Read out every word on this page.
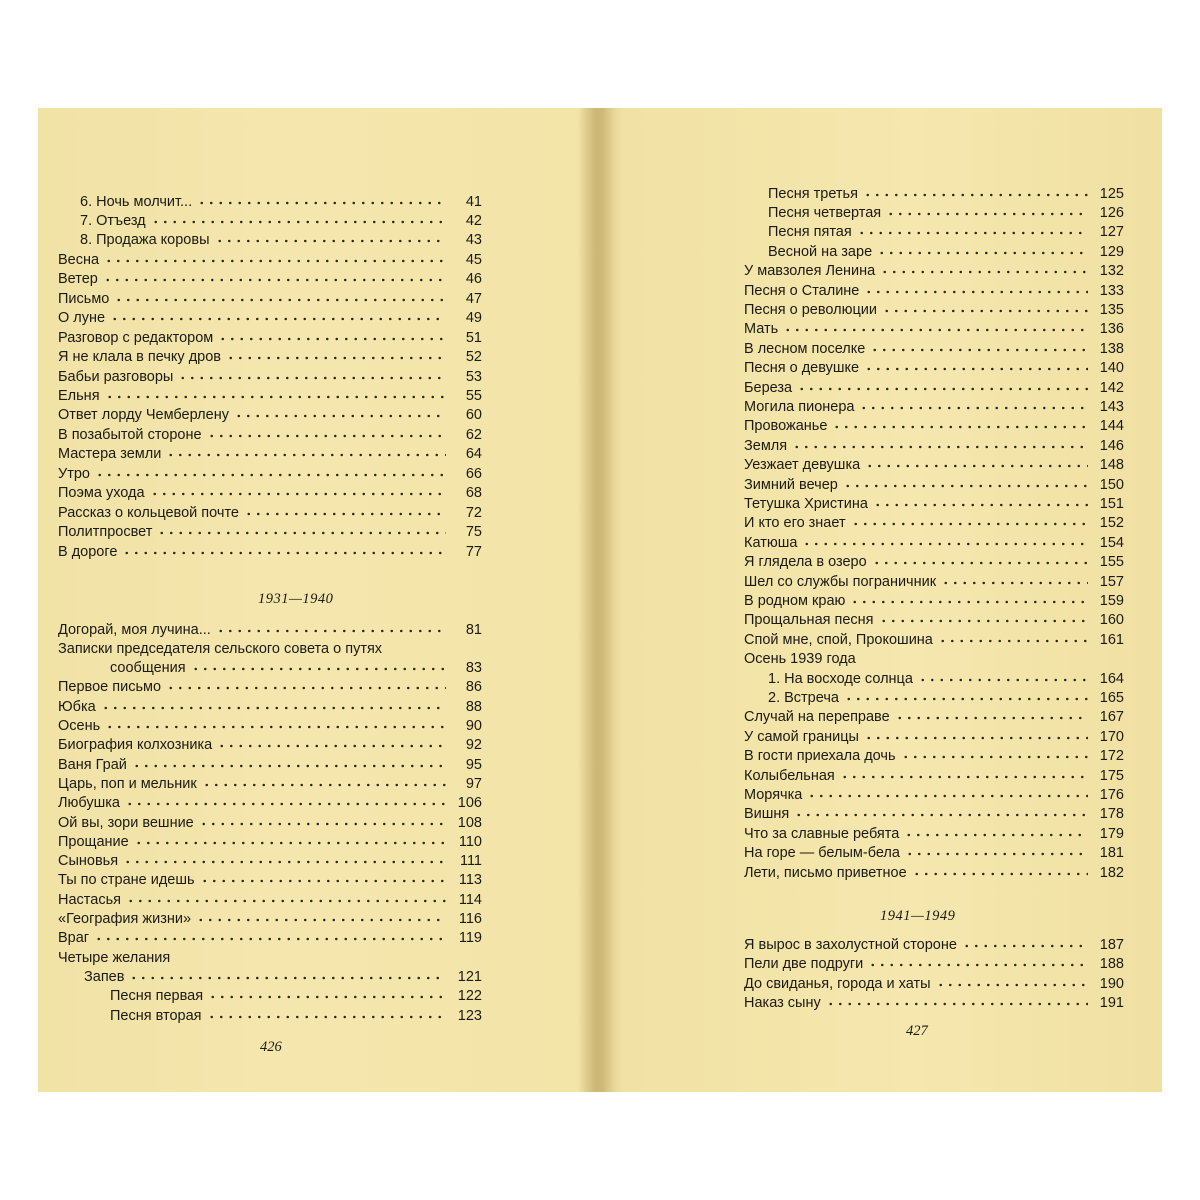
6. Ночь молчит...	41
7. Отъезд	42
8. Продажа коровы	43
Весна	45
Ветер	46
Письмо	47
О луне	49
Разговор с редактором	51
Я не клала в печку дров	52
Бабьи разговоры	53
Ельня	55
Ответ лорду Чемберлену	60
В позабытой стороне	62
Мастера земли	64
Утро	66
Поэма ухода	68
Рассказ о кольцевой почте	72
Политпросвет	75
В дороге	77
1931—1940
Догорай, моя лучина...	81
Записки председателя сельского совета о путях
сообщения	83
Первое письмо	86
Юбка	88
Осень	90
Биография колхозника	92
Ваня Грай	95
Царь, поп и мельник	97
Любушка	106
Ой вы, зори вешние	108
Прощание	110
Сыновья	111
Ты по стране идешь	113
Настасья	114
«География жизни»	116
Враг	119
Четыре желания
Запев	121
Песня первая	122
Песня вторая	123
426
Песня третья	125
Песня четвертая	126
Песня пятая	127
Весной на заре	129
У мавзолея Ленина	132
Песня о Сталине	133
Песня о революции	135
Мать	136
В лесном поселке	138
Песня о девушке	140
Береза	142
Могила пионера	143
Провожанье	144
Земля	146
Уезжает девушка	148
Зимний вечер	150
Тетушка Христина	151
И кто его знает	152
Катюша	154
Я глядела в озеро	155
Шел со службы пограничник	157
В родном краю	159
Прощальная песня	160
Спой мне, спой, Прокошина	161
Осень 1939 года
1. На восходе солнца	164
2. Встреча	165
Случай на переправе	167
У самой границы	170
В гости приехала дочь	172
Колыбельная	175
Морячка	176
Вишня	178
Что за славные ребята	179
На горе — белым-бела	181
Лети, письмо приветное	182
1941—1949
Я вырос в захолустной стороне	187
Пели две подруги	188
До свиданья, города и хаты	190
Наказ сыну	191
427
